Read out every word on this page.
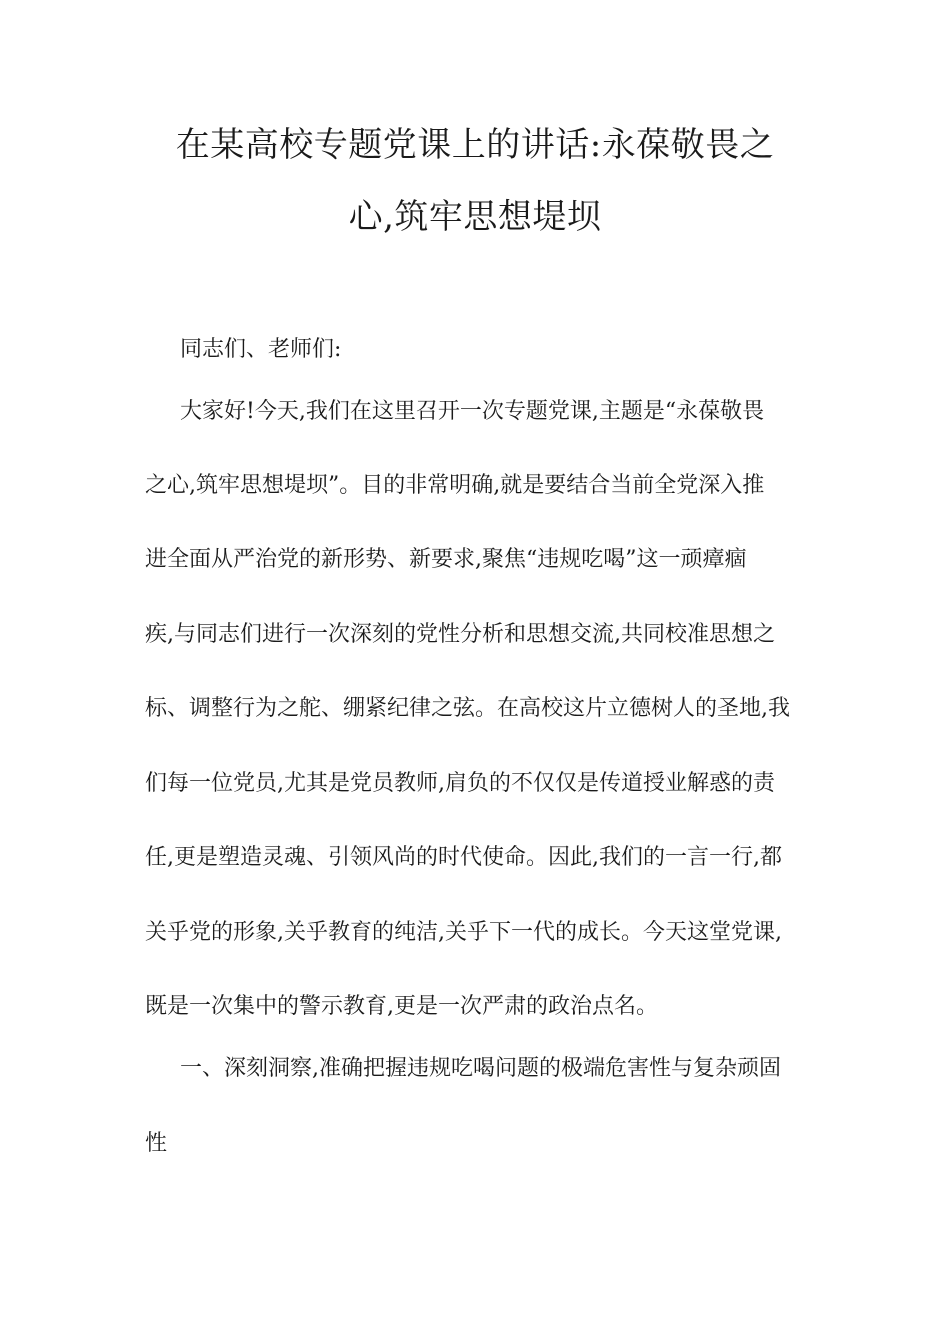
在某高校专题党课上的讲话:永葆敬畏之
心,筑牢思想堤坝
同志们、老师们:
大家好!今天,我们在这里召开一次专题党课,主题是“永葆敬畏
之心,筑牢思想堤坝”。目的非常明确,就是要结合当前全党深入推
进全面从严治党的新形势、新要求,聚焦“违规吃喝”这一顽瘴痼
疾,与同志们进行一次深刻的党性分析和思想交流,共同校准思想之
标、调整行为之舵、绷紧纪律之弦。在高校这片立德树人的圣地,我
们每一位党员,尤其是党员教师,肩负的不仅仅是传道授业解惑的责
任,更是塑造灵魂、引领风尚的时代使命。因此,我们的一言一行,都
关乎党的形象,关乎教育的纯洁,关乎下一代的成长。今天这堂党课,
既是一次集中的警示教育,更是一次严肃的政治点名。
一、深刻洞察,准确把握违规吃喝问题的极端危害性与复杂顽固
性
